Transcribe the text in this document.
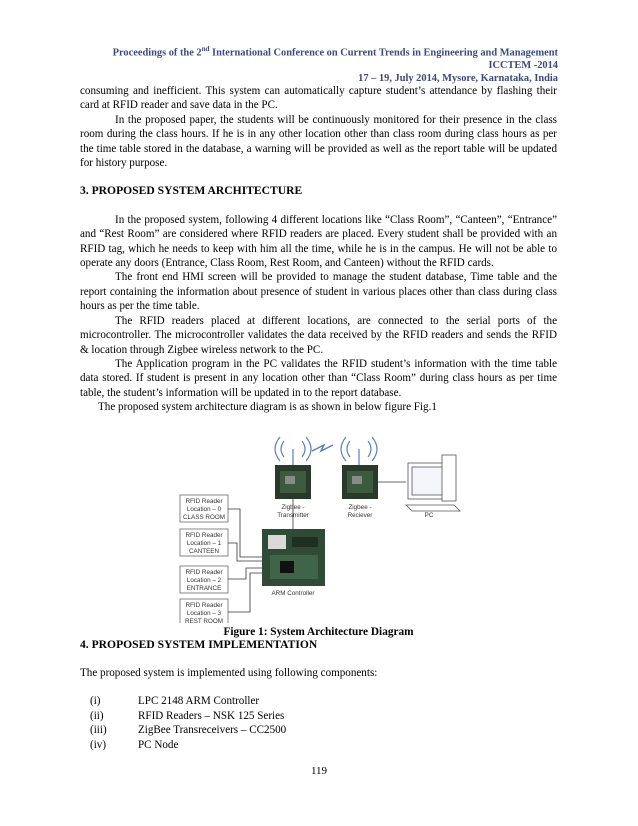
Proceedings of the 2nd International Conference on Current Trends in Engineering and Management ICCTEM -2014
17 – 19, July 2014, Mysore, Karnataka, India

consuming and inefficient. This system can automatically capture student’s attendance by flashing their card at RFID reader and save data in the PC.

In the proposed paper, the students will be continuously monitored for their presence in the class room during the class hours. If he is in any other location other than class room during class hours as per the time table stored in the database, a warning will be provided as well as the report table will be updated for history purpose.

3. PROPOSED SYSTEM ARCHITECTURE

In the proposed system, following 4 different locations like “Class Room”, “Canteen”, “Entrance” and “Rest Room” are considered where RFID readers are placed. Every student shall be provided with an RFID tag, which he needs to keep with him all the time, while he is in the campus. He will not be able to operate any doors (Entrance, Class Room, Rest Room, and Canteen) without the RFID cards.

The front end HMI screen will be provided to manage the student database, Time table and the report containing the information about presence of student in various places other than class during class hours as per the time table.

The RFID readers placed at different locations, are connected to the serial ports of the microcontroller. The microcontroller validates the data received by the RFID readers and sends the RFID & location through Zigbee wireless network to the PC.

The Application program in the PC validates the RFID student’s information with the time table data stored. If student is present in any location other than “Class Room” during class hours as per time table, the student’s information will be updated in to the report database.

The proposed system architecture diagram is as shown in below figure Fig.1

Zigbee -
Transmitter
Zigbee -
Reciever	PC
ARM Controller
RFID Reader
Location – 0
CLASS ROOM
RFID Reader
Location – 1
CANTEEN
RFID Reader
Location – 2
ENTRANCE
RFID Reader
Location – 3
REST ROOM
Figure 1: System Architecture Diagram

4. PROPOSED SYSTEM IMPLEMENTATION

The proposed system is implemented using following components:

(i)	LPC 2148 ARM Controller
(ii)	RFID Readers – NSK 125 Series
(iii)	ZigBee Transreceivers – CC2500
(iv)	PC Node
119
